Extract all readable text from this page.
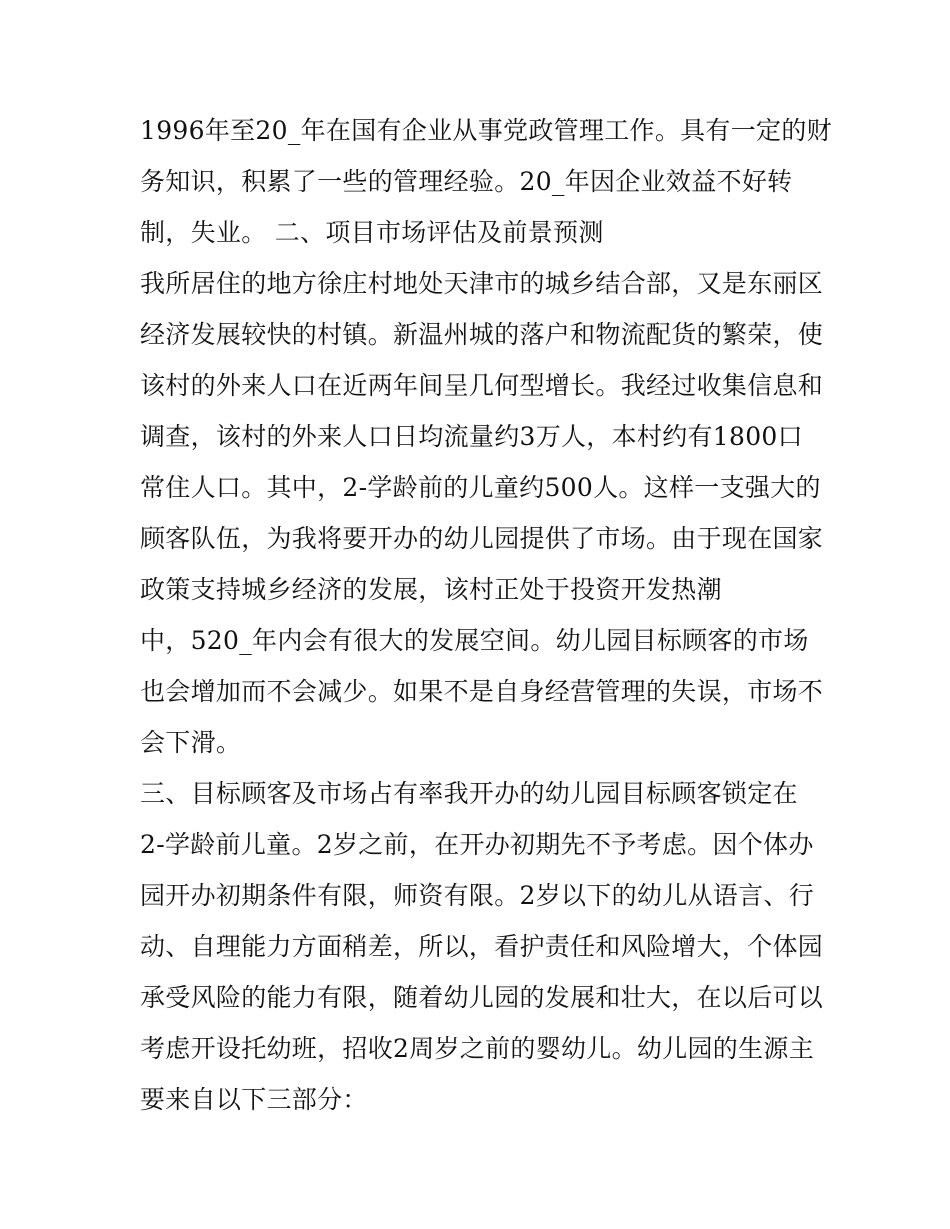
1996年至20_年在国有企业从事党政管理工作。具有一定的财
务知识，积累了一些的管理经验。20_年因企业效益不好转
制，失业。 二、项目市场评估及前景预测
我所居住的地方徐庄村地处天津市的城乡结合部，又是东丽区
经济发展较快的村镇。新温州城的落户和物流配货的繁荣，使
该村的外来人口在近两年间呈几何型增长。我经过收集信息和
调查，该村的外来人口日均流量约3万人，本村约有1800口
常住人口。其中，2-学龄前的儿童约500人。这样一支强大的
顾客队伍，为我将要开办的幼儿园提供了市场。由于现在国家
政策支持城乡经济的发展，该村正处于投资开发热潮
中，520_年内会有很大的发展空间。幼儿园目标顾客的市场
也会增加而不会减少。如果不是自身经营管理的失误，市场不
会下滑。
三、目标顾客及市场占有率我开办的幼儿园目标顾客锁定在
2-学龄前儿童。2岁之前，在开办初期先不予考虑。因个体办
园开办初期条件有限，师资有限。2岁以下的幼儿从语言、行
动、自理能力方面稍差，所以，看护责任和风险增大，个体园
承受风险的能力有限，随着幼儿园的发展和壮大，在以后可以
考虑开设托幼班，招收2周岁之前的婴幼儿。幼儿园的生源主
要来自以下三部分：
